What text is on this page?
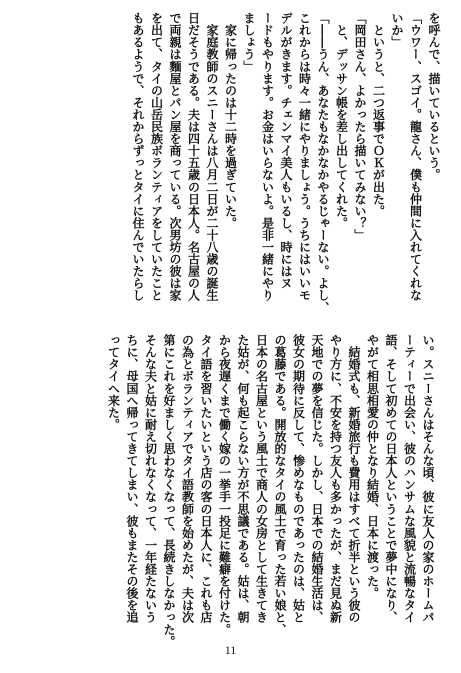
を呼んで、描いているという。
「ウワー、スゴイ。龍さん、僕も仲間に入れてくれな
いか」
　というと、二つ返事でＯＫが出た。
「岡田さん、よかったら描いてみない？」
　と、デッサン帳を差し出してくれた。
「――うん、あなたもなかなかやるじゃーない。よし、
これからは時々一緒にやりましょう。うちにはいいモ
デルがきます。チェンマイ美人もいるし、時にはヌ
ードもやります。お金はいらないよ。是非一緒にやり
ましょう」
　家に帰ったのは十二時を過ぎていた。
　家庭教師のスニーさんは八月二日が二十八歳の誕生
日だそうである。夫は四十五歳の日本人。名古屋の人
で両親は麵屋とパン屋を商っている。次男坊の彼は家
を出て、タイの山岳民族ボランティアをしていたこと
もあるようで、それからずっとタイに住んでいたらし
い。スニーさんはそんな頃、彼に友人の家のホームパ
ーティーで出会い、彼のハンサムな風貌と流暢なタイ
語、そして初めての日本人ということで夢中になり、
やがて相思相愛の仲となり結婚、日本に渡った。
　結婚式も、新婚旅行も費用はすべて折半という彼の
やり方に、不安を持つ友人も多かったが、まだ見ぬ新
天地での夢を信じた。しかし、日本での結婚生活は、
彼女の期待に反して、惨めなものであったのは、姑と
の葛藤である。開放的なタイの風土で育った若い娘と、
日本の名古屋という風土で商人の女房として生きてき
た姑が、何も起こらない方が不思議である。姑は、朝
から夜遅くまで働く嫁の一挙手一投足に難癖を付けた。
タイ語を習いたいという店の客の日本人に、これも店
の為とボランティアでタイ語教師を始めたが、夫は次
第にこれを好ましく思わなくなって、長続きしなかった。
そんな夫と姑に耐え切れなくなって、一年経たないう
ちに、母国へ帰ってきてしまい、彼もまたその後を追
ってタイへ来た。
11
